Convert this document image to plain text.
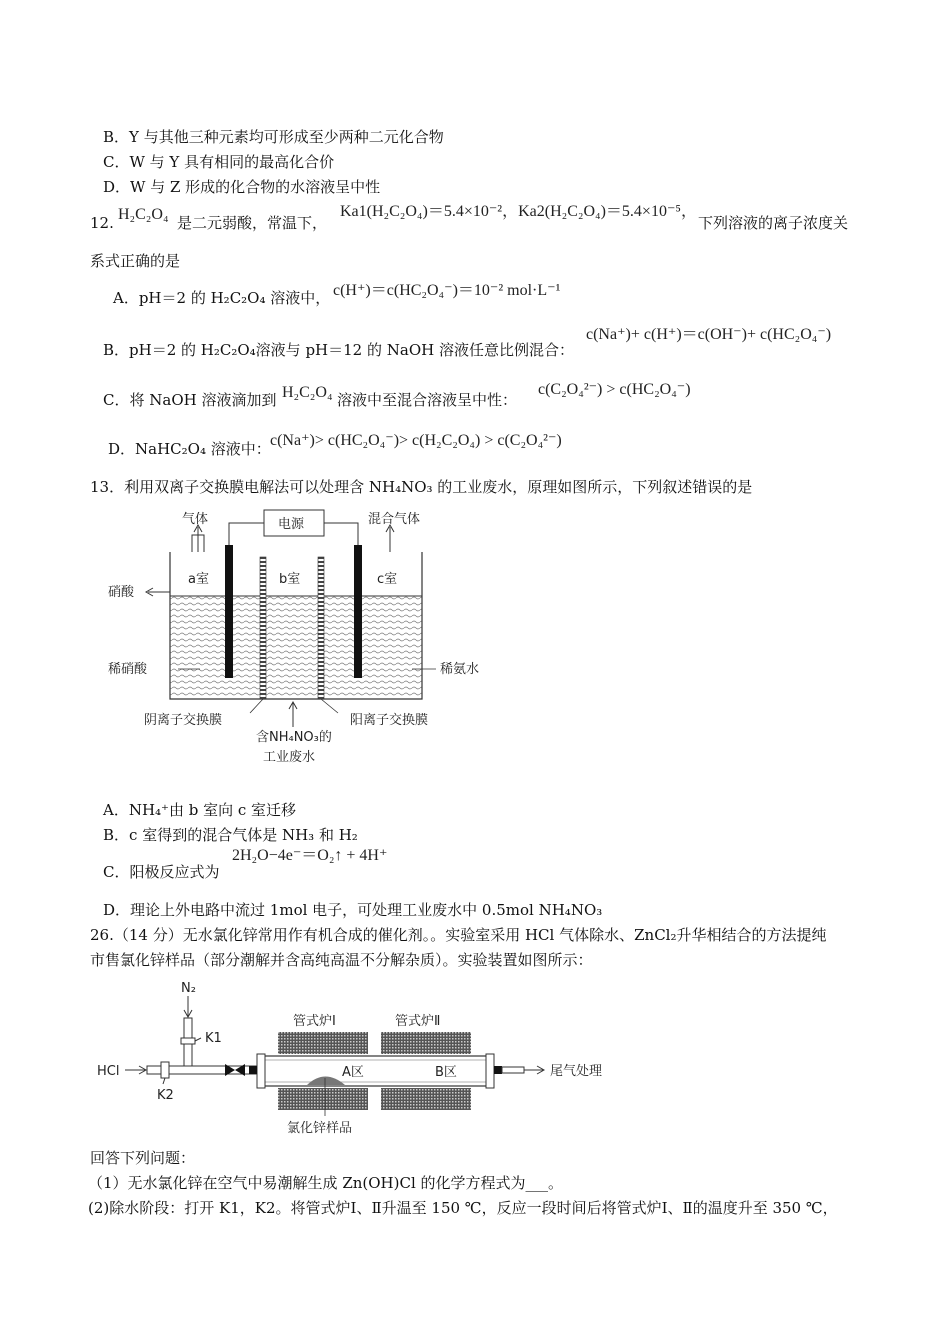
B．Y 与其他三种元素均可形成至少两种二元化合物
C．W 与 Y 具有相同的最高化合价
D．W 与 Z 形成的化合物的水溶液呈中性
12. H₂C₂O₄ 是二元弱酸，常温下，
Ka1(H₂C₂O₄)＝5.4×10⁻²，Ka2(H₂C₂O₄)＝5.4×10⁻⁵，
下列溶液的离子浓度关
系式正确的是
A．pH＝2 的 H₂C₂O₄ 溶液中， c(H⁺)＝c(HC₂O₄⁻)＝10⁻² mol·L⁻¹
B．pH＝2 的 H₂C₂O₄溶液与 pH＝12 的 NaOH 溶液任意比例混合：
c(Na⁺)+ c(H⁺)＝c(OH⁻)+ c(HC₂O₄⁻)
C．将 NaOH 溶液滴加到 H₂C₂O₄ 溶液中至混合溶液呈中性：
c(C₂O₄²⁻) > c(HC₂O₄⁻)
D．NaHC₂O₄ 溶液中： c(Na⁺)> c(HC₂O₄⁻)> c(H₂C₂O₄) > c(C₂O₄²⁻)
13．利用双离子交换膜电解法可以处理含 NH₄NO₃ 的工业废水，原理如图所示，下列叙述错误的是
气体	电源	混合气体
硝酸
a室	b室	c室
稀硝酸	稀氨水
阴离子交换膜	阳离子交换膜
含NH₄NO₃的
工业废水
A．NH₄⁺由 b 室向 c 室迁移
B．c 室得到的混合气体是 NH₃ 和 H₂
C．阳极反应式为
2H₂O−4e⁻＝O₂↑ + 4H⁺
D．理论上外电路中流过 1mol 电子，可处理工业废水中 0.5mol NH₄NO₃
26.（14 分）无水氯化锌常用作有机合成的催化剂。。实验室采用 HCl 气体除水、ZnCl₂升华相结合的方法提纯
市售氯化锌样品（部分潮解并含高纯高温不分解杂质）。实验装置如图所示：
N₂
K1
HCl
K2
管式炉Ⅰ	管式炉Ⅱ
A区	B区	尾气处理
氯化锌样品
回答下列问题：
（1）无水氯化锌在空气中易潮解生成 Zn(OH)Cl 的化学方程式为___。
(2)除水阶段：打开 K1，K2。将管式炉Ⅰ、Ⅱ升温至 150 ℃，反应一段时间后将管式炉Ⅰ、Ⅱ的温度升至 350 ℃，
